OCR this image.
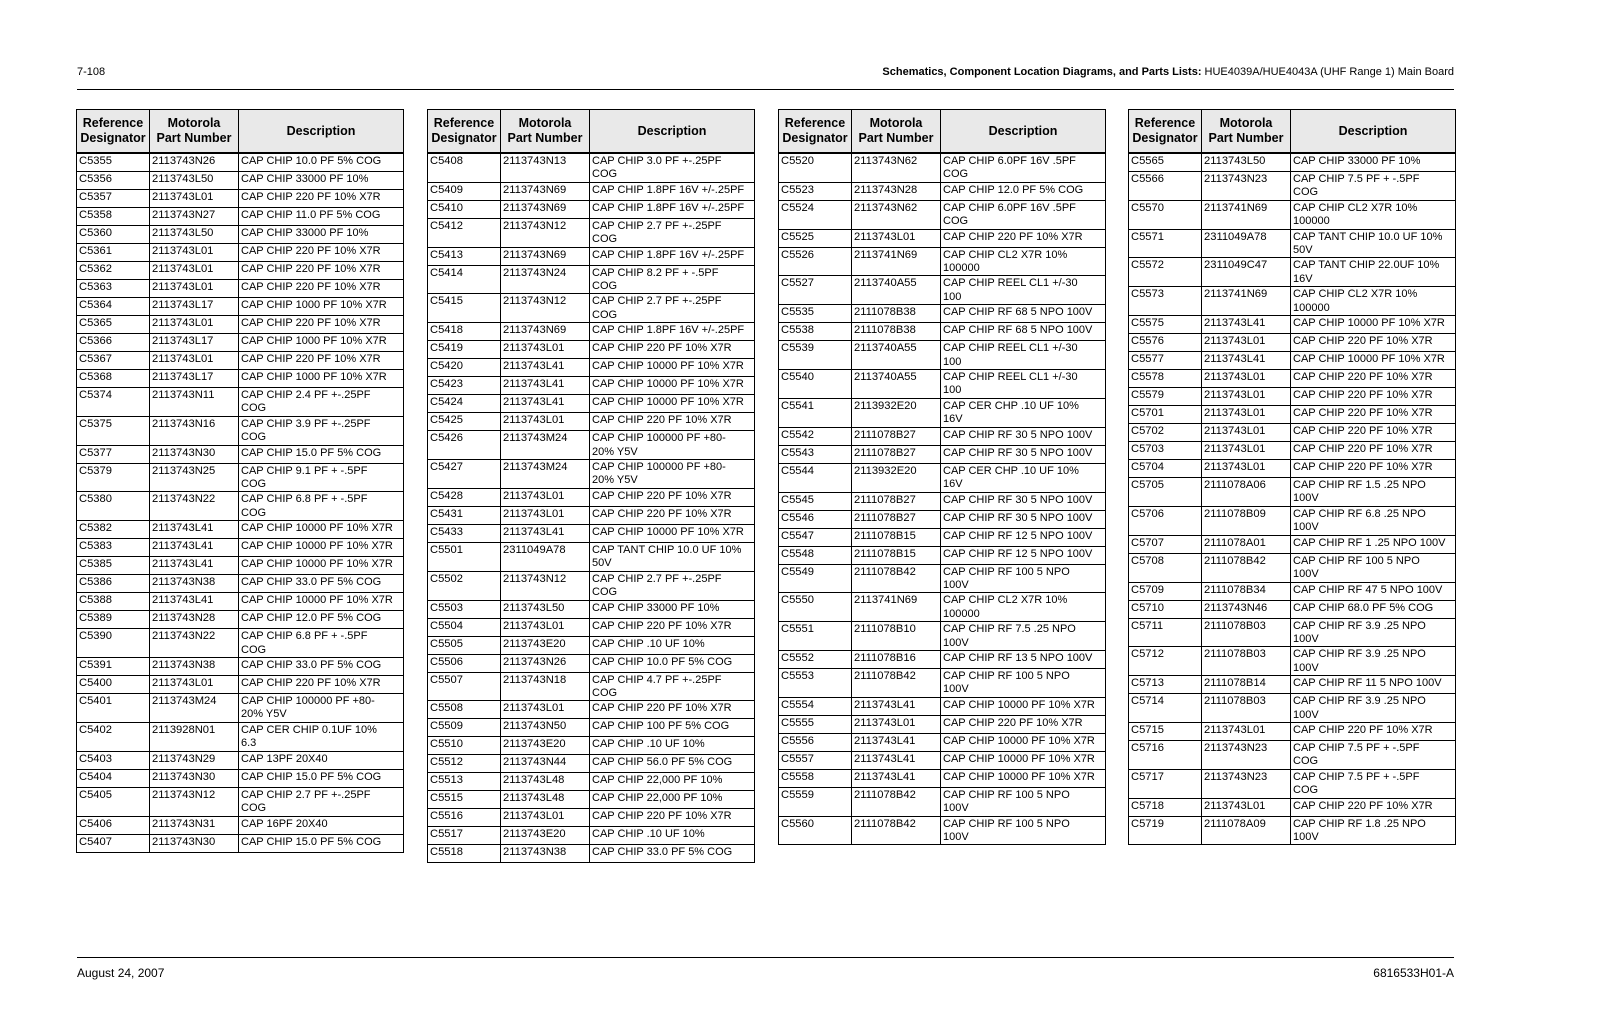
7-108	Schematics, Component Location Diagrams, and Parts Lists: HUE4039A/HUE4043A (UHF Range 1) Main Board
Reference
Designator	Motorola
Part Number	Description
C5355	2113743N26	CAP CHIP 10.0 PF 5% COG
C5356	2113743L50	CAP CHIP 33000 PF 10%
C5357	2113743L01	CAP CHIP 220 PF 10% X7R
C5358	2113743N27	CAP CHIP 11.0 PF 5% COG
C5360	2113743L50	CAP CHIP 33000 PF 10%
C5361	2113743L01	CAP CHIP 220 PF 10% X7R
C5362	2113743L01	CAP CHIP 220 PF 10% X7R
C5363	2113743L01	CAP CHIP 220 PF 10% X7R
C5364	2113743L17	CAP CHIP 1000 PF 10% X7R
C5365	2113743L01	CAP CHIP 220 PF 10% X7R
C5366	2113743L17	CAP CHIP 1000 PF 10% X7R
C5367	2113743L01	CAP CHIP 220 PF 10% X7R
C5368	2113743L17	CAP CHIP 1000 PF 10% X7R
C5374	2113743N11	CAP CHIP 2.4 PF +-.25PF
COG
C5375	2113743N16	CAP CHIP 3.9 PF +-.25PF
COG
C5377	2113743N30	CAP CHIP 15.0 PF 5% COG
C5379	2113743N25	CAP CHIP 9.1 PF + -.5PF
COG
C5380	2113743N22	CAP CHIP 6.8 PF + -.5PF
COG
C5382	2113743L41	CAP CHIP 10000 PF 10% X7R
C5383	2113743L41	CAP CHIP 10000 PF 10% X7R
C5385	2113743L41	CAP CHIP 10000 PF 10% X7R
C5386	2113743N38	CAP CHIP 33.0 PF 5% COG
C5388	2113743L41	CAP CHIP 10000 PF 10% X7R
C5389	2113743N28	CAP CHIP 12.0 PF 5% COG
C5390	2113743N22	CAP CHIP 6.8 PF + -.5PF
COG
C5391	2113743N38	CAP CHIP 33.0 PF 5% COG
C5400	2113743L01	CAP CHIP 220 PF 10% X7R
C5401	2113743M24	CAP CHIP 100000 PF +80-
20% Y5V
C5402	2113928N01	CAP CER CHIP 0.1UF 10%
6.3
C5403	2113743N29	CAP 13PF 20X40
C5404	2113743N30	CAP CHIP 15.0 PF 5% COG
C5405	2113743N12	CAP CHIP 2.7 PF +-.25PF
COG
C5406	2113743N31	CAP 16PF 20X40
C5407	2113743N30	CAP CHIP 15.0 PF 5% COG
Reference
Designator	Motorola
Part Number	Description
C5408	2113743N13	CAP CHIP 3.0 PF +-.25PF
COG
C5409	2113743N69	CAP CHIP 1.8PF 16V +/-.25PF
C5410	2113743N69	CAP CHIP 1.8PF 16V +/-.25PF
C5412	2113743N12	CAP CHIP 2.7 PF +-.25PF
COG
C5413	2113743N69	CAP CHIP 1.8PF 16V +/-.25PF
C5414	2113743N24	CAP CHIP 8.2 PF + -.5PF
COG
C5415	2113743N12	CAP CHIP 2.7 PF +-.25PF
COG
C5418	2113743N69	CAP CHIP 1.8PF 16V +/-.25PF
C5419	2113743L01	CAP CHIP 220 PF 10% X7R
C5420	2113743L41	CAP CHIP 10000 PF 10% X7R
C5423	2113743L41	CAP CHIP 10000 PF 10% X7R
C5424	2113743L41	CAP CHIP 10000 PF 10% X7R
C5425	2113743L01	CAP CHIP 220 PF 10% X7R
C5426	2113743M24	CAP CHIP 100000 PF +80-
20% Y5V
C5427	2113743M24	CAP CHIP 100000 PF +80-
20% Y5V
C5428	2113743L01	CAP CHIP 220 PF 10% X7R
C5431	2113743L01	CAP CHIP 220 PF 10% X7R
C5433	2113743L41	CAP CHIP 10000 PF 10% X7R
C5501	2311049A78	CAP TANT CHIP 10.0 UF 10%
50V
C5502	2113743N12	CAP CHIP 2.7 PF +-.25PF
COG
C5503	2113743L50	CAP CHIP 33000 PF 10%
C5504	2113743L01	CAP CHIP 220 PF 10% X7R
C5505	2113743E20	CAP CHIP .10 UF 10%
C5506	2113743N26	CAP CHIP 10.0 PF 5% COG
C5507	2113743N18	CAP CHIP 4.7 PF +-.25PF
COG
C5508	2113743L01	CAP CHIP 220 PF 10% X7R
C5509	2113743N50	CAP CHIP 100 PF 5% COG
C5510	2113743E20	CAP CHIP .10 UF 10%
C5512	2113743N44	CAP CHIP 56.0 PF 5% COG
C5513	2113743L48	CAP CHIP 22,000 PF 10%
C5515	2113743L48	CAP CHIP 22,000 PF 10%
C5516	2113743L01	CAP CHIP 220 PF 10% X7R
C5517	2113743E20	CAP CHIP .10 UF 10%
C5518	2113743N38	CAP CHIP 33.0 PF 5% COG
Reference
Designator	Motorola
Part Number	Description
C5520	2113743N62	CAP CHIP 6.0PF 16V .5PF
COG
C5523	2113743N28	CAP CHIP 12.0 PF 5% COG
C5524	2113743N62	CAP CHIP 6.0PF 16V .5PF
COG
C5525	2113743L01	CAP CHIP 220 PF 10% X7R
C5526	2113741N69	CAP CHIP CL2 X7R 10%
100000
C5527	2113740A55	CAP CHIP REEL CL1 +/-30
100
C5535	2111078B38	CAP CHIP RF 68 5 NPO 100V
C5538	2111078B38	CAP CHIP RF 68 5 NPO 100V
C5539	2113740A55	CAP CHIP REEL CL1 +/-30
100
C5540	2113740A55	CAP CHIP REEL CL1 +/-30
100
C5541	2113932E20	CAP CER CHP .10 UF 10%
16V
C5542	2111078B27	CAP CHIP RF 30 5 NPO 100V
C5543	2111078B27	CAP CHIP RF 30 5 NPO 100V
C5544	2113932E20	CAP CER CHP .10 UF 10%
16V
C5545	2111078B27	CAP CHIP RF 30 5 NPO 100V
C5546	2111078B27	CAP CHIP RF 30 5 NPO 100V
C5547	2111078B15	CAP CHIP RF 12 5 NPO 100V
C5548	2111078B15	CAP CHIP RF 12 5 NPO 100V
C5549	2111078B42	CAP CHIP RF 100 5 NPO
100V
C5550	2113741N69	CAP CHIP CL2 X7R 10%
100000
C5551	2111078B10	CAP CHIP RF 7.5 .25 NPO
100V
C5552	2111078B16	CAP CHIP RF 13 5 NPO 100V
C5553	2111078B42	CAP CHIP RF 100 5 NPO
100V
C5554	2113743L41	CAP CHIP 10000 PF 10% X7R
C5555	2113743L01	CAP CHIP 220 PF 10% X7R
C5556	2113743L41	CAP CHIP 10000 PF 10% X7R
C5557	2113743L41	CAP CHIP 10000 PF 10% X7R
C5558	2113743L41	CAP CHIP 10000 PF 10% X7R
C5559	2111078B42	CAP CHIP RF 100 5 NPO
100V
C5560	2111078B42	CAP CHIP RF 100 5 NPO
100V
Reference
Designator	Motorola
Part Number	Description
C5565	2113743L50	CAP CHIP 33000 PF 10%
C5566	2113743N23	CAP CHIP 7.5 PF + -.5PF
COG
C5570	2113741N69	CAP CHIP CL2 X7R 10%
100000
C5571	2311049A78	CAP TANT CHIP 10.0 UF 10%
50V
C5572	2311049C47	CAP TANT CHIP 22.0UF 10%
16V
C5573	2113741N69	CAP CHIP CL2 X7R 10%
100000
C5575	2113743L41	CAP CHIP 10000 PF 10% X7R
C5576	2113743L01	CAP CHIP 220 PF 10% X7R
C5577	2113743L41	CAP CHIP 10000 PF 10% X7R
C5578	2113743L01	CAP CHIP 220 PF 10% X7R
C5579	2113743L01	CAP CHIP 220 PF 10% X7R
C5701	2113743L01	CAP CHIP 220 PF 10% X7R
C5702	2113743L01	CAP CHIP 220 PF 10% X7R
C5703	2113743L01	CAP CHIP 220 PF 10% X7R
C5704	2113743L01	CAP CHIP 220 PF 10% X7R
C5705	2111078A06	CAP CHIP RF 1.5 .25 NPO
100V
C5706	2111078B09	CAP CHIP RF 6.8 .25 NPO
100V
C5707	2111078A01	CAP CHIP RF 1 .25 NPO 100V
C5708	2111078B42	CAP CHIP RF 100 5 NPO
100V
C5709	2111078B34	CAP CHIP RF 47 5 NPO 100V
C5710	2113743N46	CAP CHIP 68.0 PF 5% COG
C5711	2111078B03	CAP CHIP RF 3.9 .25 NPO
100V
C5712	2111078B03	CAP CHIP RF 3.9 .25 NPO
100V
C5713	2111078B14	CAP CHIP RF 11 5 NPO 100V
C5714	2111078B03	CAP CHIP RF 3.9 .25 NPO
100V
C5715	2113743L01	CAP CHIP 220 PF 10% X7R
C5716	2113743N23	CAP CHIP 7.5 PF + -.5PF
COG
C5717	2113743N23	CAP CHIP 7.5 PF + -.5PF
COG
C5718	2113743L01	CAP CHIP 220 PF 10% X7R
C5719	2111078A09	CAP CHIP RF 1.8 .25 NPO
100V
August 24, 2007	6816533H01-A
